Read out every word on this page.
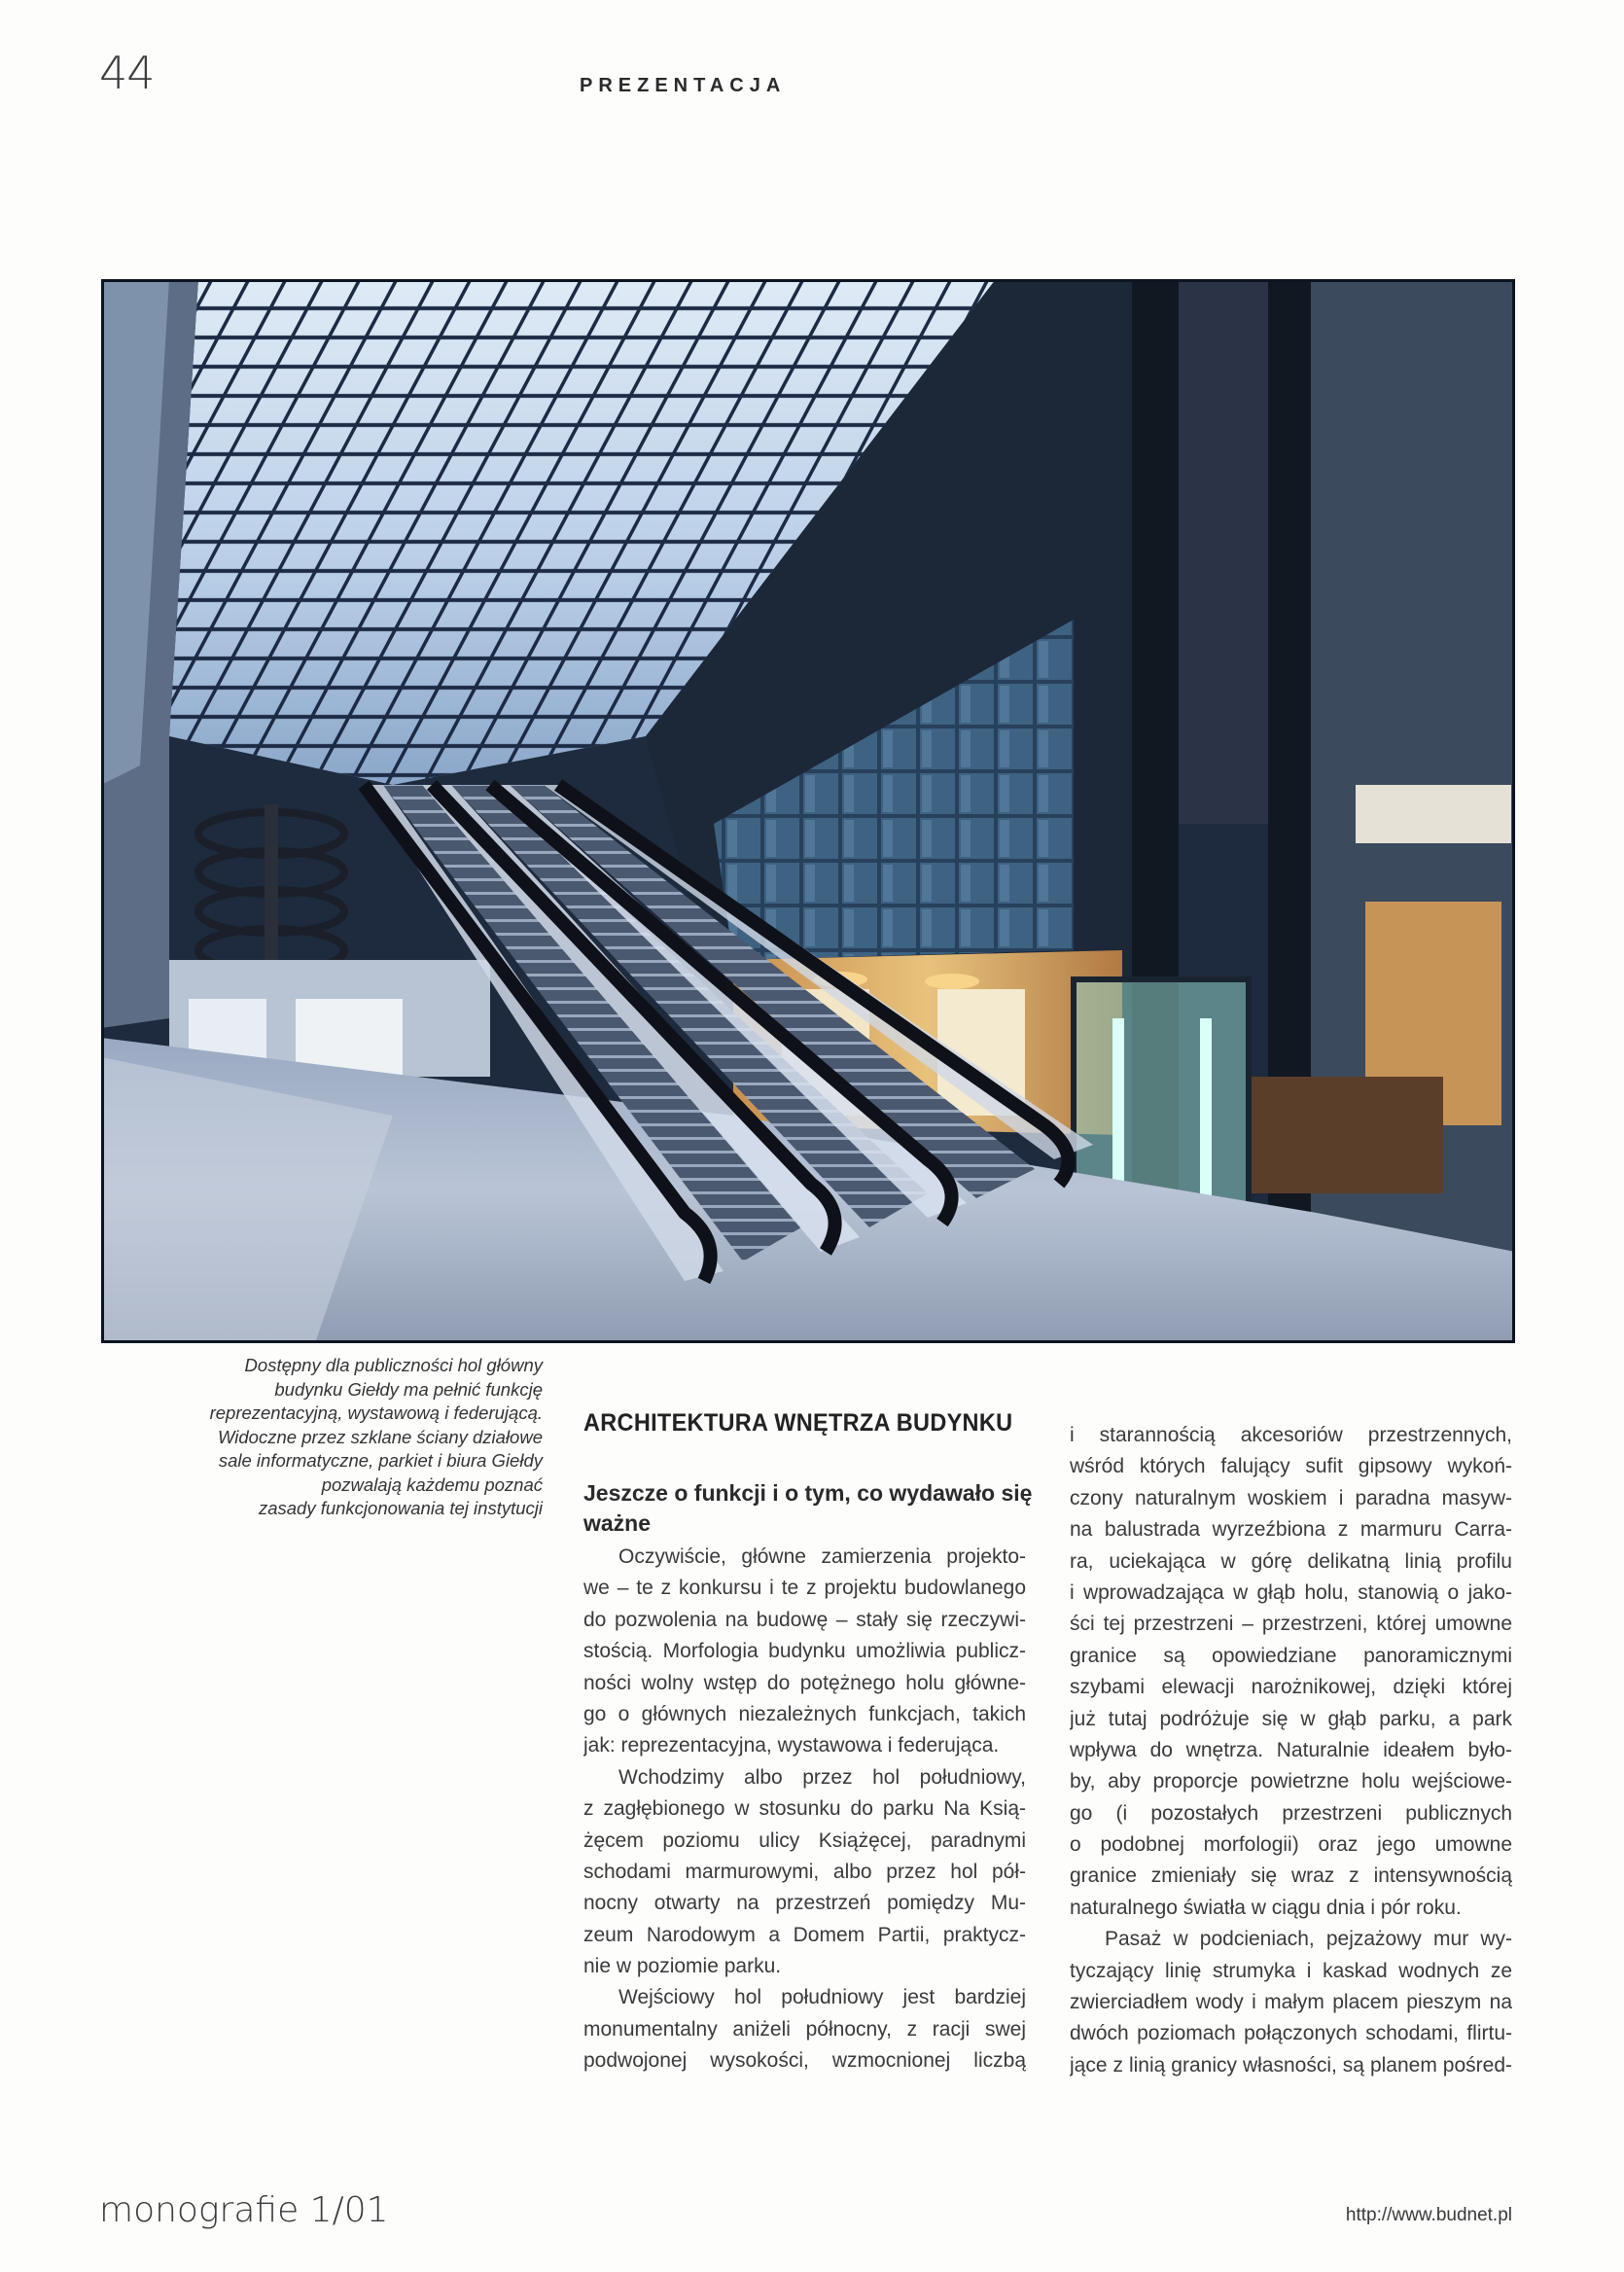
44	PREZENTACJA
Dostępny dla publiczności hol główny
budynku Giełdy ma pełnić funkcję
reprezentacyjną, wystawową i federującą.
Widoczne przez szklane ściany działowe
sale informatyczne, parkiet i biura Giełdy
pozwalają każdemu poznać
zasady funkcjonowania tej instytucji
ARCHITEKTURA WNĘTRZA BUDYNKU
Jeszcze o funkcji i o tym, co wydawało się ważne
Oczywiście, główne zamierzenia projekto-
we – te z konkursu i te z projektu budowlanego
do pozwolenia na budowę – stały się rzeczywi-
stością. Morfologia budynku umożliwia publicz-
ności wolny wstęp do potężnego holu główne-
go o głównych niezależnych funkcjach, takich
jak: reprezentacyjna, wystawowa i federująca.
Wchodzimy albo przez hol południowy,
z zagłębionego w stosunku do parku Na Ksią-
żęcem poziomu ulicy Książęcej, paradnymi
schodami marmurowymi, albo przez hol pół-
nocny otwarty na przestrzeń pomiędzy Mu-
zeum Narodowym a Domem Partii, praktycz-
nie w poziomie parku.
Wejściowy hol południowy jest bardziej
monumentalny aniżeli północny, z racji swej
podwojonej wysokości, wzmocnionej liczbą
i starannością akcesoriów przestrzennych,
wśród których falujący sufit gipsowy wykoń-
czony naturalnym woskiem i paradna masyw-
na balustrada wyrzeźbiona z marmuru Carra-
ra, uciekająca w górę delikatną linią profilu
i wprowadzająca w głąb holu, stanowią o jako-
ści tej przestrzeni – przestrzeni, której umowne
granice są opowiedziane panoramicznymi
szybami elewacji narożnikowej, dzięki której
już tutaj podróżuje się w głąb parku, a park
wpływa do wnętrza. Naturalnie ideałem było-
by, aby proporcje powietrzne holu wejściowe-
go (i pozostałych przestrzeni publicznych
o podobnej morfologii) oraz jego umowne
granice zmieniały się wraz z intensywnością
naturalnego światła w ciągu dnia i pór roku.
Pasaż w podcieniach, pejzażowy mur wy-
tyczający linię strumyka i kaskad wodnych ze
zwierciadłem wody i małym placem pieszym na
dwóch poziomach połączonych schodami, flirtu-
jące z linią granicy własności, są planem pośred-
monografie 1/01	http://www.budnet.pl
